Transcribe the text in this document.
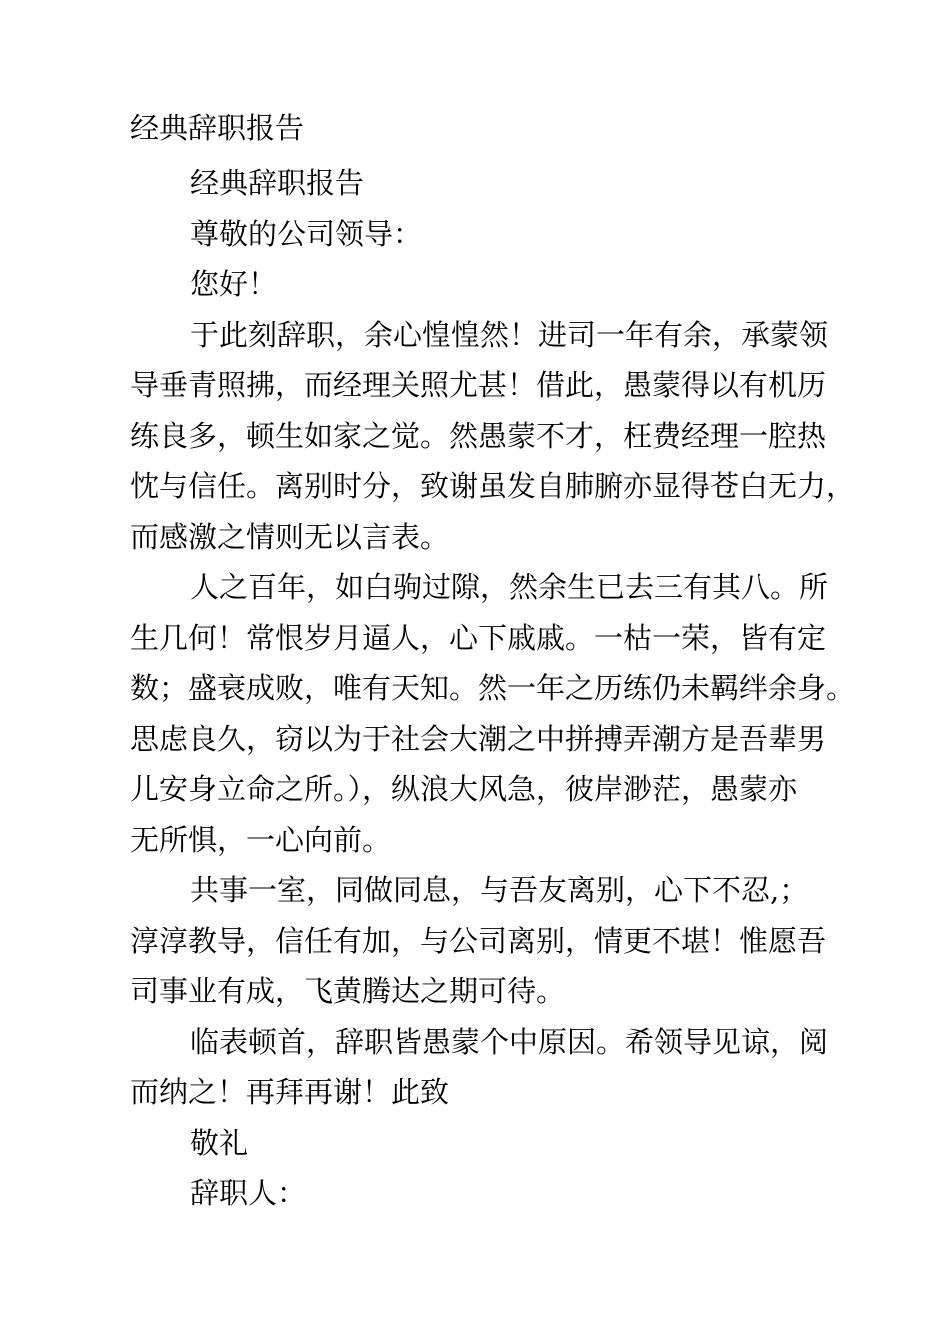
经典辞职报告
经典辞职报告
尊敬的公司领导：
您好！
于此刻辞职，余心惶惶然！进司一年有余，承蒙领
导垂青照拂，而经理关照尤甚！借此，愚蒙得以有机历
练良多，顿生如家之觉。然愚蒙不才，枉费经理一腔热
忱与信任。离别时分，致谢虽发自肺腑亦显得苍白无力，
而感激之情则无以言表。
人之百年，如白驹过隙，然余生已去三有其八。所
生几何！常恨岁月逼人，心下戚戚。一枯一荣，皆有定
数；盛衰成败，唯有天知。然一年之历练仍未羁绊余身。
思虑良久，窃以为于社会大潮之中拼搏弄潮方是吾辈男
儿安身立命之所。），纵浪大风急，彼岸渺茫，愚蒙亦
无所惧，一心向前。
共事一室，同做同息，与吾友离别，心下不忍,；
淳淳教导，信任有加，与公司离别，情更不堪！惟愿吾
司事业有成，飞黄腾达之期可待。
临表顿首，辞职皆愚蒙个中原因。希领导见谅，阅
而纳之！再拜再谢！此致
敬礼
辞职人：
